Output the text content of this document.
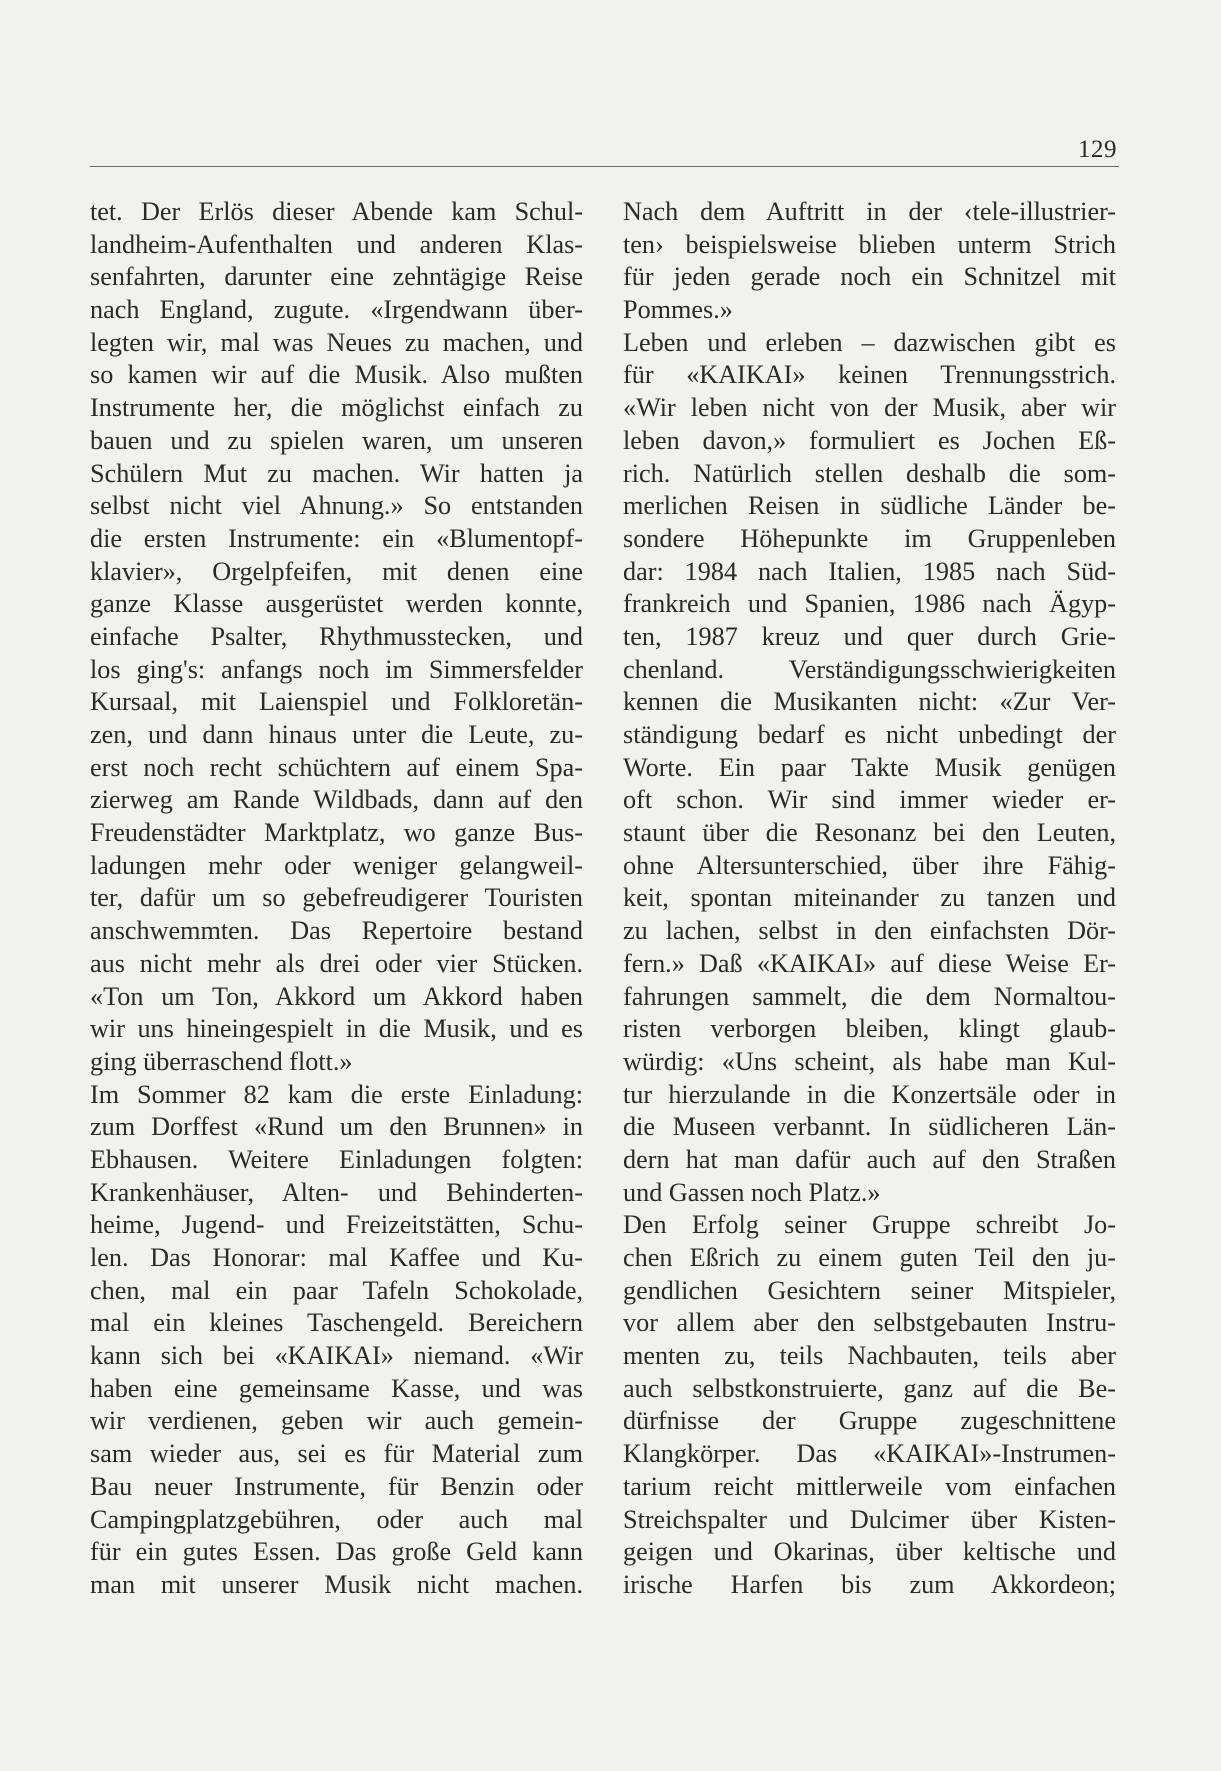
129
tet. Der Erlös dieser Abende kam Schul-
landheim-Aufenthalten und anderen Klas-
senfahrten, darunter eine zehntägige Reise
nach England, zugute. «Irgendwann über-
legten wir, mal was Neues zu machen, und
so kamen wir auf die Musik. Also mußten
Instrumente her, die möglichst einfach zu
bauen und zu spielen waren, um unseren
Schülern Mut zu machen. Wir hatten ja
selbst nicht viel Ahnung.» So entstanden
die ersten Instrumente: ein «Blumentopf-
klavier», Orgelpfeifen, mit denen eine
ganze Klasse ausgerüstet werden konnte,
einfache Psalter, Rhythmusstecken, und
los ging's: anfangs noch im Simmersfelder
Kursaal, mit Laienspiel und Folkloretän-
zen, und dann hinaus unter die Leute, zu-
erst noch recht schüchtern auf einem Spa-
zierweg am Rande Wildbads, dann auf den
Freudenstädter Marktplatz, wo ganze Bus-
ladungen mehr oder weniger gelangweil-
ter, dafür um so gebefreudigerer Touristen
anschwemmten. Das Repertoire bestand
aus nicht mehr als drei oder vier Stücken.
«Ton um Ton, Akkord um Akkord haben
wir uns hineingespielt in die Musik, und es
ging überraschend flott.»
Im Sommer 82 kam die erste Einladung:
zum Dorffest «Rund um den Brunnen» in
Ebhausen. Weitere Einladungen folgten:
Krankenhäuser, Alten- und Behinderten-
heime, Jugend- und Freizeitstätten, Schu-
len. Das Honorar: mal Kaffee und Ku-
chen, mal ein paar Tafeln Schokolade,
mal ein kleines Taschengeld. Bereichern
kann sich bei «KAIKAI» niemand. «Wir
haben eine gemeinsame Kasse, und was
wir verdienen, geben wir auch gemein-
sam wieder aus, sei es für Material zum
Bau neuer Instrumente, für Benzin oder
Campingplatzgebühren, oder auch mal
für ein gutes Essen. Das große Geld kann
man mit unserer Musik nicht machen.
Nach dem Auftritt in der ‹tele-illustrier-
ten› beispielsweise blieben unterm Strich
für jeden gerade noch ein Schnitzel mit
Pommes.»
Leben und erleben – dazwischen gibt es
für «KAIKAI» keinen Trennungsstrich.
«Wir leben nicht von der Musik, aber wir
leben davon,» formuliert es Jochen Eß-
rich. Natürlich stellen deshalb die som-
merlichen Reisen in südliche Länder be-
sondere Höhepunkte im Gruppenleben
dar: 1984 nach Italien, 1985 nach Süd-
frankreich und Spanien, 1986 nach Ägyp-
ten, 1987 kreuz und quer durch Grie-
chenland. Verständigungsschwierigkeiten
kennen die Musikanten nicht: «Zur Ver-
ständigung bedarf es nicht unbedingt der
Worte. Ein paar Takte Musik genügen
oft schon. Wir sind immer wieder er-
staunt über die Resonanz bei den Leuten,
ohne Altersunterschied, über ihre Fähig-
keit, spontan miteinander zu tanzen und
zu lachen, selbst in den einfachsten Dör-
fern.» Daß «KAIKAI» auf diese Weise Er-
fahrungen sammelt, die dem Normaltou-
risten verborgen bleiben, klingt glaub-
würdig: «Uns scheint, als habe man Kul-
tur hierzulande in die Konzertsäle oder in
die Museen verbannt. In südlicheren Län-
dern hat man dafür auch auf den Straßen
und Gassen noch Platz.»
Den Erfolg seiner Gruppe schreibt Jo-
chen Eßrich zu einem guten Teil den ju-
gendlichen Gesichtern seiner Mitspieler,
vor allem aber den selbstgebauten Instru-
menten zu, teils Nachbauten, teils aber
auch selbstkonstruierte, ganz auf die Be-
dürfnisse der Gruppe zugeschnittene
Klangkörper. Das «KAIKAI»-Instrumen-
tarium reicht mittlerweile vom einfachen
Streichspalter und Dulcimer über Kisten-
geigen und Okarinas, über keltische und
irische Harfen bis zum Akkordeon;
